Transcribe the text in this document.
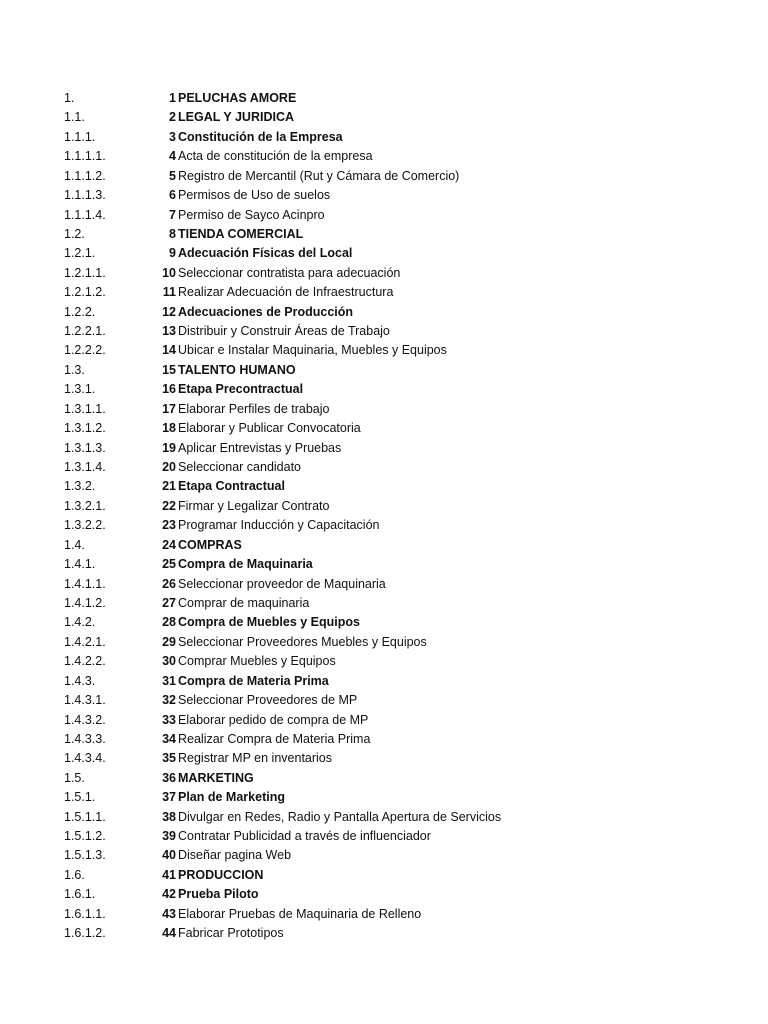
1.	1 PELUCHAS AMORE
1.1.	2 LEGAL Y JURIDICA
1.1.1.	3 Constitución de la Empresa
1.1.1.1.	4 Acta de constitución de la empresa
1.1.1.2.	5 Registro de Mercantil (Rut y Cámara de Comercio)
1.1.1.3.	6 Permisos de Uso de suelos
1.1.1.4.	7 Permiso de Sayco Acinpro
1.2.	8 TIENDA COMERCIAL
1.2.1.	9 Adecuación Físicas del Local
1.2.1.1.	10 Seleccionar contratista para adecuación
1.2.1.2.	11 Realizar Adecuación de Infraestructura
1.2.2.	12 Adecuaciones de Producción
1.2.2.1.	13 Distribuir y Construir Áreas de Trabajo
1.2.2.2.	14 Ubicar e Instalar Maquinaria, Muebles y Equipos
1.3.	15 TALENTO HUMANO
1.3.1.	16 Etapa Precontractual
1.3.1.1.	17 Elaborar Perfiles de trabajo
1.3.1.2.	18 Elaborar y Publicar Convocatoria
1.3.1.3.	19 Aplicar Entrevistas y Pruebas
1.3.1.4.	20 Seleccionar candidato
1.3.2.	21 Etapa Contractual
1.3.2.1.	22 Firmar y Legalizar Contrato
1.3.2.2.	23 Programar Inducción y Capacitación
1.4.	24 COMPRAS
1.4.1.	25 Compra de Maquinaria
1.4.1.1.	26 Seleccionar proveedor de Maquinaria
1.4.1.2.	27 Comprar de maquinaria
1.4.2.	28 Compra de Muebles y Equipos
1.4.2.1.	29 Seleccionar Proveedores Muebles y Equipos
1.4.2.2.	30 Comprar Muebles y Equipos
1.4.3.	31 Compra de Materia Prima
1.4.3.1.	32 Seleccionar Proveedores de MP
1.4.3.2.	33 Elaborar pedido de compra de MP
1.4.3.3.	34 Realizar Compra de Materia Prima
1.4.3.4.	35 Registrar MP en inventarios
1.5.	36 MARKETING
1.5.1.	37 Plan de Marketing
1.5.1.1.	38 Divulgar en Redes, Radio y Pantalla Apertura de Servicios
1.5.1.2.	39 Contratar Publicidad a través de influenciador
1.5.1.3.	40 Diseñar pagina Web
1.6.	41 PRODUCCION
1.6.1.	42 Prueba Piloto
1.6.1.1.	43 Elaborar Pruebas de Maquinaria de Relleno
1.6.1.2.	44 Fabricar Prototipos
